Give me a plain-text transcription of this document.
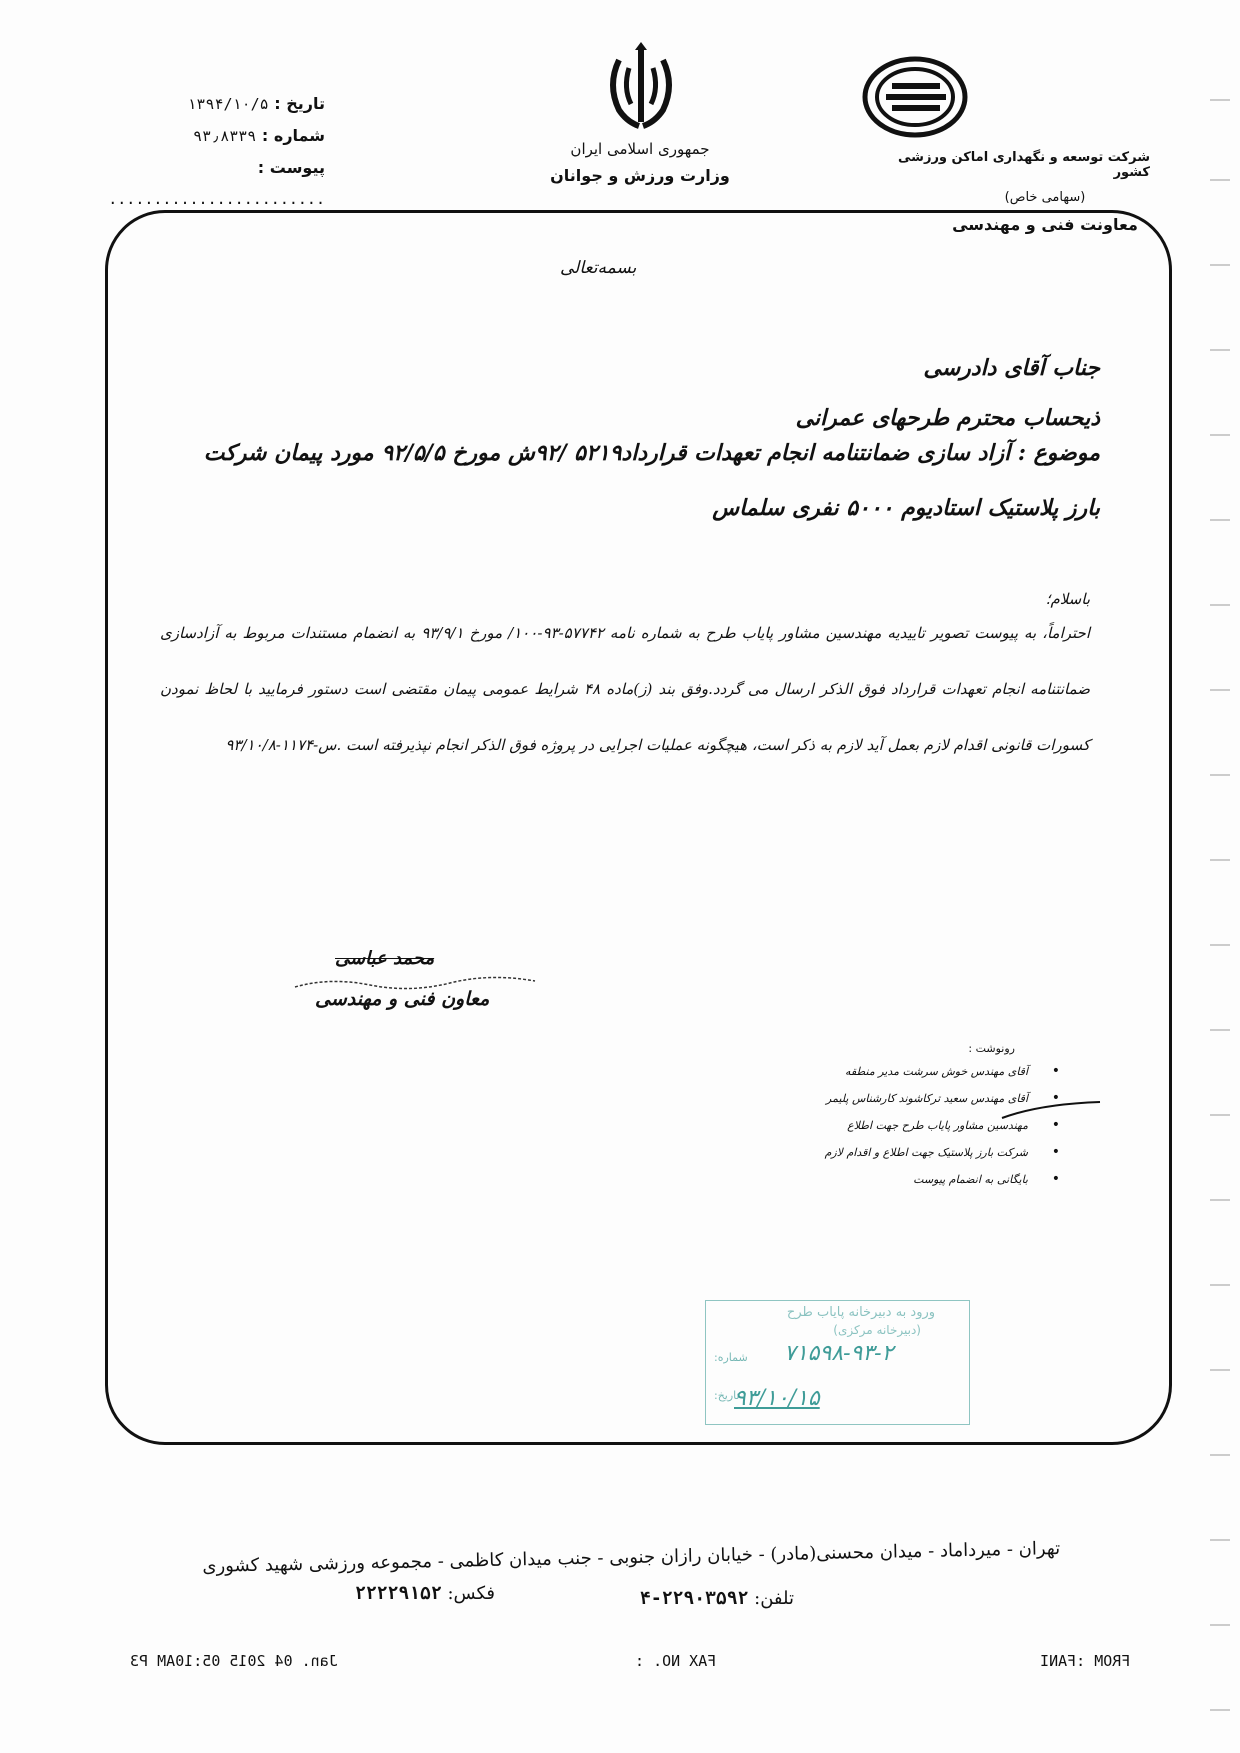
شرکت توسعه و نگهداری اماکن ورزشی کشور
(سهامی خاص)
معاونت فنی و مهندسی
جمهوری اسلامی ایران
وزارت ورزش و جوانان
تاریخ : ۱۳۹۴/۱۰/۵
شماره : ۹۳٫۸۳۳۹
پیوست : ........................
بسمه‌تعالی
جناب آقای دادرسی
ذیحساب محترم طرحهای عمرانی
موضوع : آزاد سازی ضمانتنامه انجام تعهدات قرارداد۵۲۱۹ /۹۲ش مورخ ۹۲/۵/۵ مورد پیمان شرکت
بارز پلاستیک استادیوم ۵۰۰۰ نفری سلماس
باسلام؛
احتراماً، به پیوست تصویر تاییدیه مهندسین مشاور پایاب طرح به شماره نامه ۵۷۷۴۲-۹۳-۱۰۰/ مورخ ۹۳/۹/۱ به انضمام مستندات مربوط به آزادسازی ضمانتنامه انجام تعهدات قرارداد فوق الذکر ارسال می گردد.وفق بند (ز)ماده ۴۸ شرایط عمومی پیمان مقتضی است دستور فرمایید با لحاظ نمودن کسورات قانونی اقدام لازم بعمل آید لازم به ذکر است، هیچگونه عملیات اجرایی در پروژه فوق الذکر انجام نپذیرفته است .س-۱۱۷۴-۹۳/۱۰/۸
محمد عباسی
معاون فنی و مهندسی
رونوشت :
• آقای مهندس خوش سرشت مدیر منطقه
• آقای مهندس سعید ترکاشوند کارشناس پلیمر
• مهندسین مشاور پایاب طرح جهت اطلاع
• شرکت بارز پلاستیک جهت اطلاع و اقدام لازم
• بایگانی به انضمام پیوست
ورود به دبیرخانه پایاب طرح
(دبیرخانه مرکزی)
شماره: ۷۱۵۹۸-۹۳-۲
تاریخ:
۹۳/۱۰/۱۵
تهران - میرداماد - میدان محسنی(مادر) - خیابان رازان جنوبی - جنب میدان کاظمی - مجموعه ورزشی شهید کشوری
فکس: ۲۲۲۲۹۱۵۲	تلفن: ۲۲۹۰۳۵۹۲-۴
Jan. 04 2015 05:10AM P3	FAX NO. :	FROM :FANI
